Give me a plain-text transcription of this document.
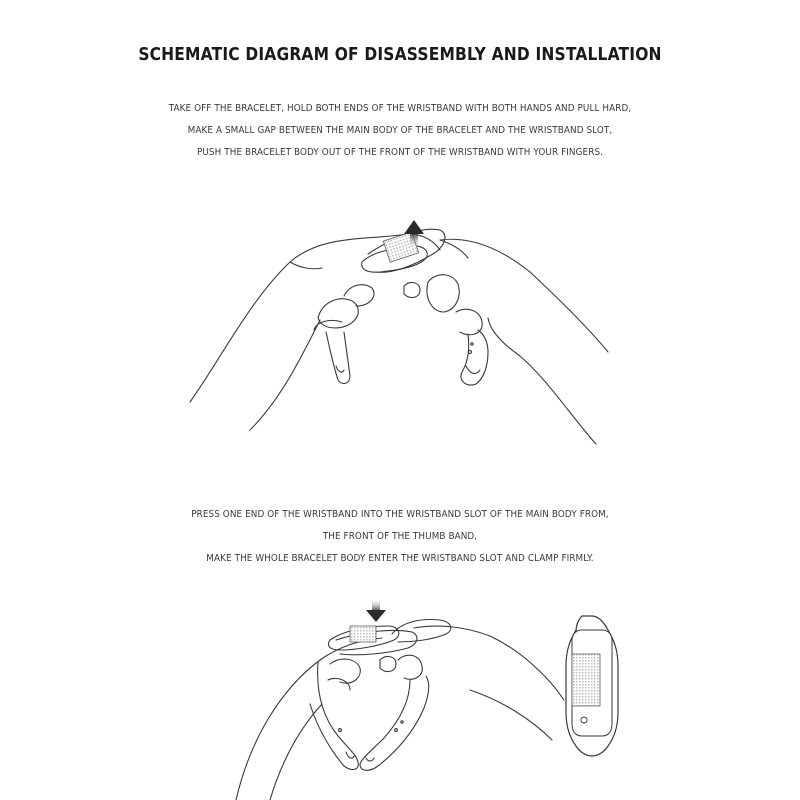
SCHEMATIC DIAGRAM OF DISASSEMBLY AND INSTALLATION
TAKE OFF THE BRACELET, HOLD BOTH ENDS OF THE WRISTBAND WITH BOTH HANDS AND PULL HARD,
MAKE A SMALL GAP BETWEEN THE MAIN BODY OF THE BRACELET AND THE WRISTBAND SLOT,
PUSH THE BRACELET BODY OUT OF THE FRONT OF THE WRISTBAND WITH YOUR FINGERS.
PRESS ONE END OF THE WRISTBAND INTO THE WRISTBAND SLOT OF THE MAIN BODY FROM,
THE FRONT OF THE THUMB BAND,
MAKE THE WHOLE BRACELET BODY ENTER THE WRISTBAND SLOT AND CLAMP FIRMLY.
